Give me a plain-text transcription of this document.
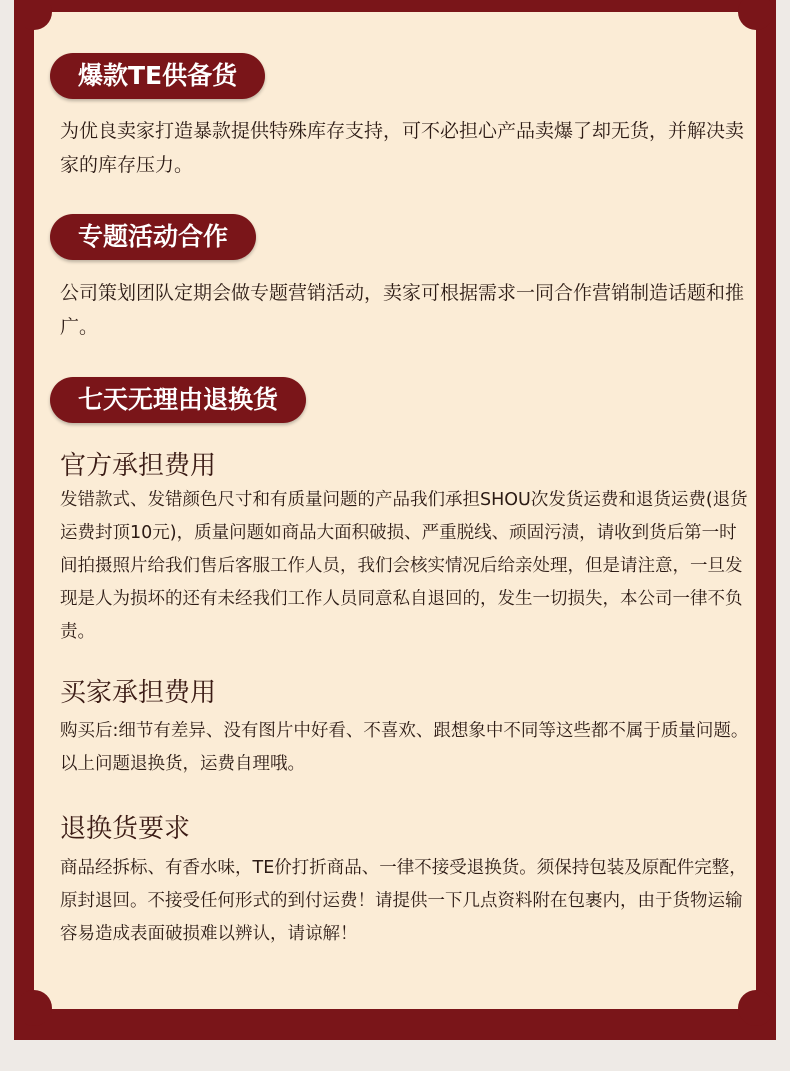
爆款TE供备货
为优良卖家打造暴款提供特殊库存支持，可不必担心产品卖爆了却无货，并解决卖家的库存压力。
专题活动合作
公司策划团队定期会做专题营销活动，卖家可根据需求一同合作营销制造话题和推广。
七天无理由退换货
官方承担费用
发错款式、发错颜色尺寸和有质量问题的产品我们承担SHOU次发货运费和退货运费(退货运费封顶10元)，质量问题如商品大面积破损、严重脱线、顽固污渍，请收到货后第一时间拍摄照片给我们售后客服工作人员，我们会核实情况后给亲处理，但是请注意，一旦发现是人为损坏的还有未经我们工作人员同意私自退回的，发生一切损失，本公司一律不负责。
买家承担费用
购买后:细节有差异、没有图片中好看、不喜欢、跟想象中不同等这些都不属于质量问题。以上问题退换货，运费自理哦。
退换货要求
商品经拆标、有香水味，TE价打折商品、一律不接受退换货。须保持包装及原配件完整，原封退回。不接受任何形式的到付运费！请提供一下几点资料附在包裹内，由于货物运输容易造成表面破损难以辨认，请谅解！
